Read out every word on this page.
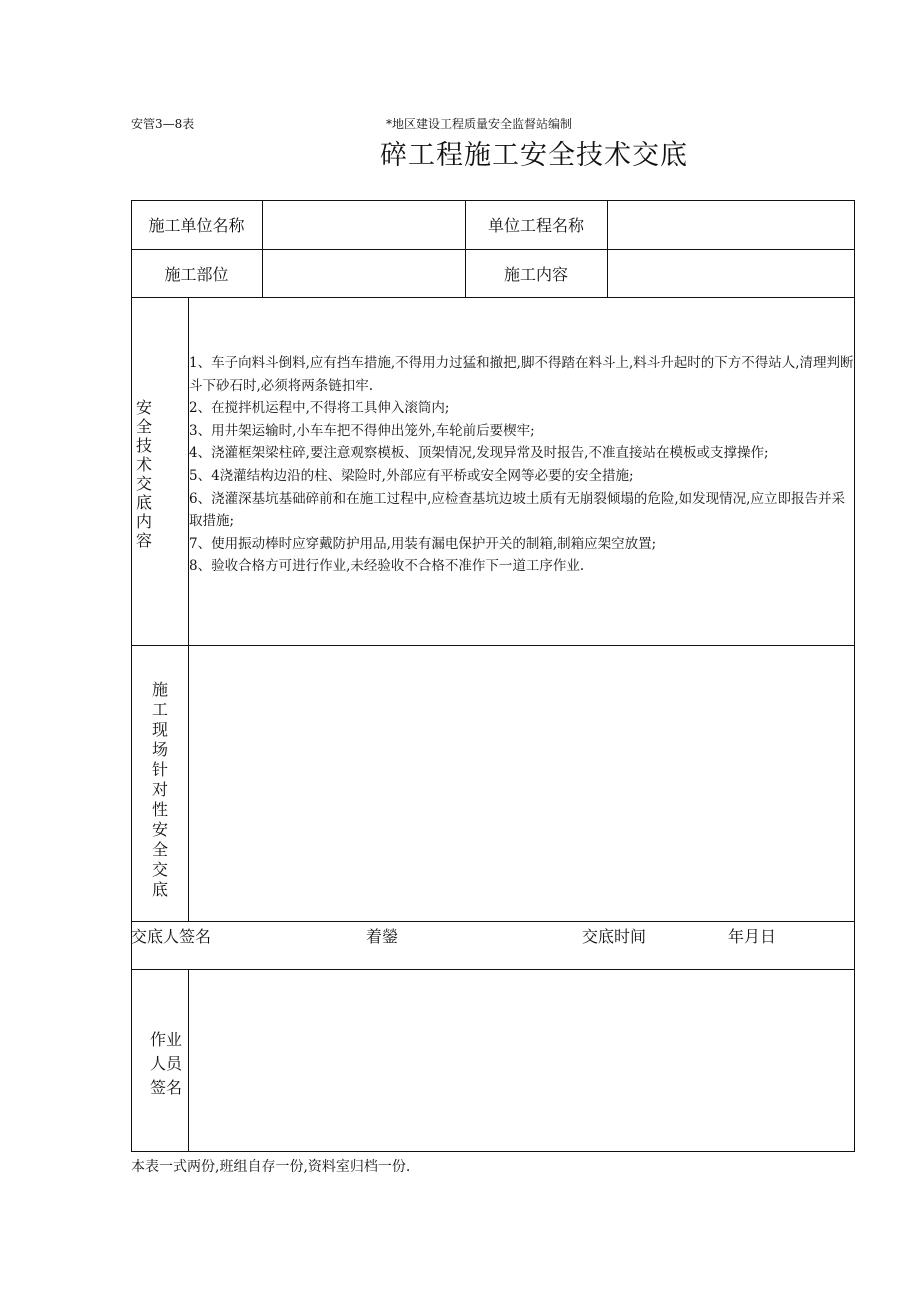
安管3—8表	*地区建设工程质量安全监督站编制
碎工程施工安全技术交底
施工单位名称	单位工程名称
施工部位	施工内容
安全技术交底内容
1、车子向料斗倒料,应有挡车措施,不得用力过猛和撤把,脚不得踏在料斗上,料斗升起时的下方不得站人,清理判断斗下砂石时,必须将两条链扣牢.
2、在搅拌机运程中,不得将工具伸入滚筒内;
3、用井架运输时,小车车把不得伸出笼外,车轮前后要楔牢;
4、浇灌框架梁柱碎,要注意观察模板、顶架情况,发现异常及时报告,不准直接站在模板或支撑操作;
5、4浇灌结构边沿的柱、梁险时,外部应有平桥或安全网等必要的安全措施;
6、浇灌深基坑基础碎前和在施工过程中,应检查基坑边坡土质有无崩裂倾塌的危险,如发现情况,应立即报告并采取措施;
7、使用振动棒时应穿戴防护用品,用装有漏电保护开关的制箱,制箱应架空放置;
8、验收合格方可进行作业,未经验收不合格不准作下一道工序作业.
施工现场针对性安全交底
交底人签名	着鎣	交底时间	年月日
作业
人员
签名
本表一式两份,班组自存一份,资料室归档一份.
